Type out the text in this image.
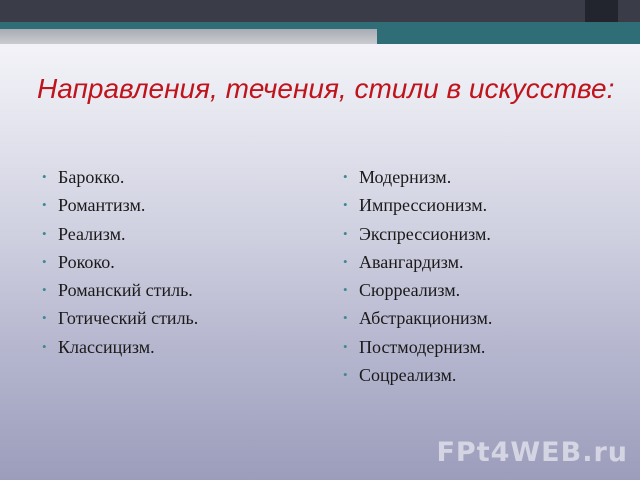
Направления, течения, стили в искусстве:
• Барокко.
• Романтизм.
• Реализм.
• Рококо.
• Романский стиль.
• Готический стиль.
• Классицизм.
• Модернизм.
• Импрессионизм.
• Экспрессионизм.
• Авангардизм.
• Сюрреализм.
• Абстракционизм.
• Постмодернизм.
• Соцреализм.
FPt4WEB.ru
